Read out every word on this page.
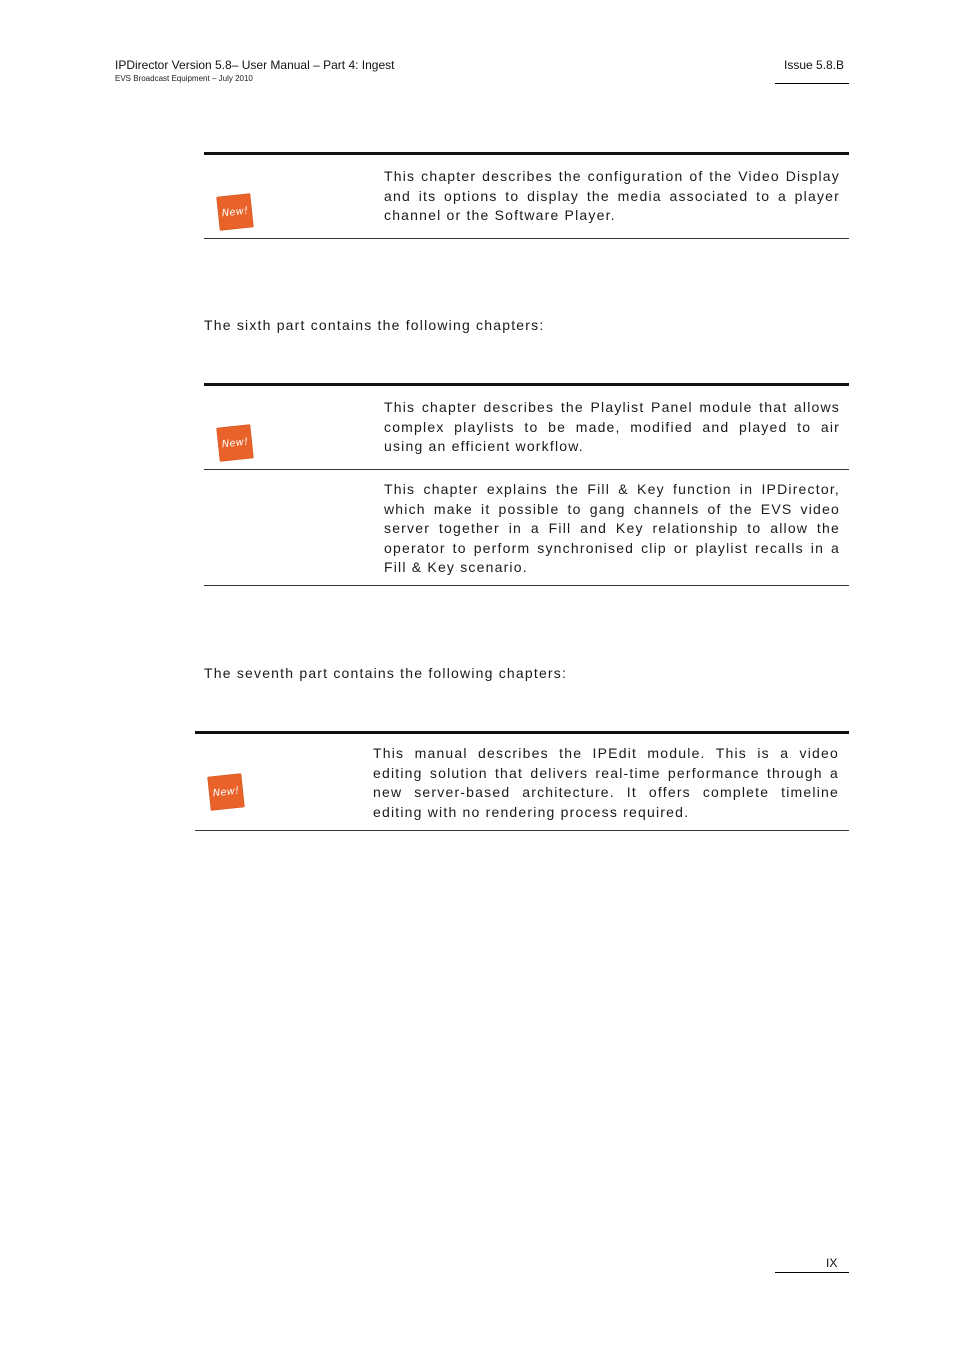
IPDirector Version 5.8– User Manual – Part 4: Ingest
EVS Broadcast Equipment – July 2010
Issue 5.8.B
New!
This chapter describes the configuration of the Video Display and its options to display the media associated to a player channel or the Software Player.
The sixth part contains the following chapters:
New!
This chapter describes the Playlist Panel module that allows complex playlists to be made, modified and played to air using an efficient workflow.
This chapter explains the Fill & Key function in IPDirector, which make it possible to gang channels of the EVS video server together in a Fill and Key relationship to allow the operator to perform synchronised clip or playlist recalls in a Fill & Key scenario.
The seventh part contains the following chapters:
New!
This manual describes the IPEdit module. This is a video editing solution that delivers real-time performance through a new server-based architecture. It offers complete timeline editing with no rendering process required.
IX
